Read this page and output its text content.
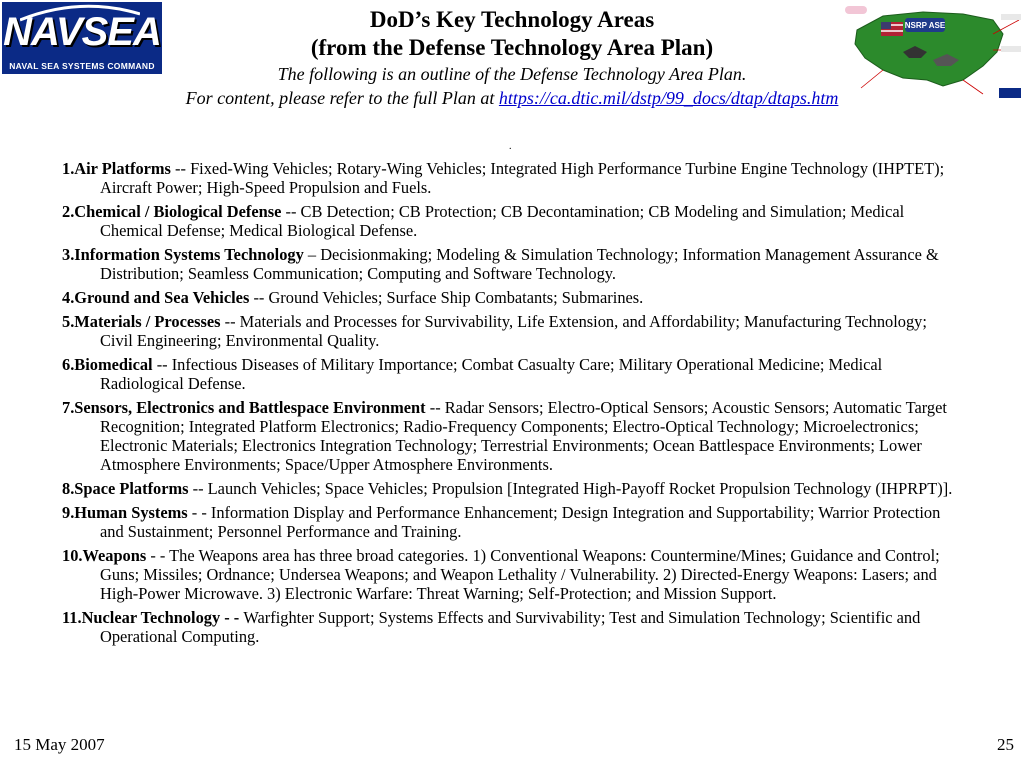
NAVSEA
NAVAL SEA SYSTEMS COMMAND
NSRP ASE
DoD’s Key Technology Areas
(from the Defense Technology Area Plan)
The following is an outline of the Defense Technology Area Plan.
For content, please refer to the full Plan at https://ca.dtic.mil/dstp/99_docs/dtap/dtaps.htm
.
1.Air Platforms -- Fixed-Wing Vehicles; Rotary-Wing Vehicles; Integrated High Performance Turbine Engine Technology (IHPTET); Aircraft Power; High-Speed Propulsion and Fuels.
2.Chemical / Biological Defense -- CB Detection; CB Protection; CB Decontamination; CB Modeling and Simulation; Medical Chemical Defense; Medical Biological Defense.
3.Information Systems Technology – Decisionmaking; Modeling & Simulation Technology; Information Management Assurance & Distribution; Seamless Communication; Computing and Software Technology.
4.Ground and Sea Vehicles -- Ground Vehicles; Surface Ship Combatants; Submarines.
5.Materials / Processes -- Materials and Processes for Survivability, Life Extension, and Affordability; Manufacturing Technology; Civil Engineering; Environmental Quality.
6.Biomedical -- Infectious Diseases of Military Importance; Combat Casualty Care; Military Operational Medicine; Medical Radiological Defense.
7.Sensors, Electronics and Battlespace Environment -- Radar Sensors; Electro-Optical Sensors; Acoustic Sensors; Automatic Target Recognition; Integrated Platform Electronics; Radio-Frequency Components; Electro-Optical Technology; Microelectronics; Electronic Materials; Electronics Integration Technology; Terrestrial Environments; Ocean Battlespace Environments; Lower Atmosphere Environments; Space/Upper Atmosphere Environments.
8.Space Platforms -- Launch Vehicles; Space Vehicles; Propulsion [Integrated High-Payoff Rocket Propulsion Technology (IHPRPT)].
9.Human Systems - - Information Display and Performance Enhancement; Design Integration and Supportability; Warrior Protection and Sustainment; Personnel Performance and Training.
10.Weapons - - The Weapons area has three broad categories. 1) Conventional Weapons: Countermine/Mines; Guidance and Control; Guns; Missiles; Ordnance; Undersea Weapons; and Weapon Lethality / Vulnerability. 2) Directed-Energy Weapons: Lasers; and High-Power Microwave. 3) Electronic Warfare: Threat Warning; Self-Protection; and Mission Support.
11.Nuclear Technology - - Warfighter Support; Systems Effects and Survivability; Test and Simulation Technology; Scientific and Operational Computing.
15 May 2007	25
